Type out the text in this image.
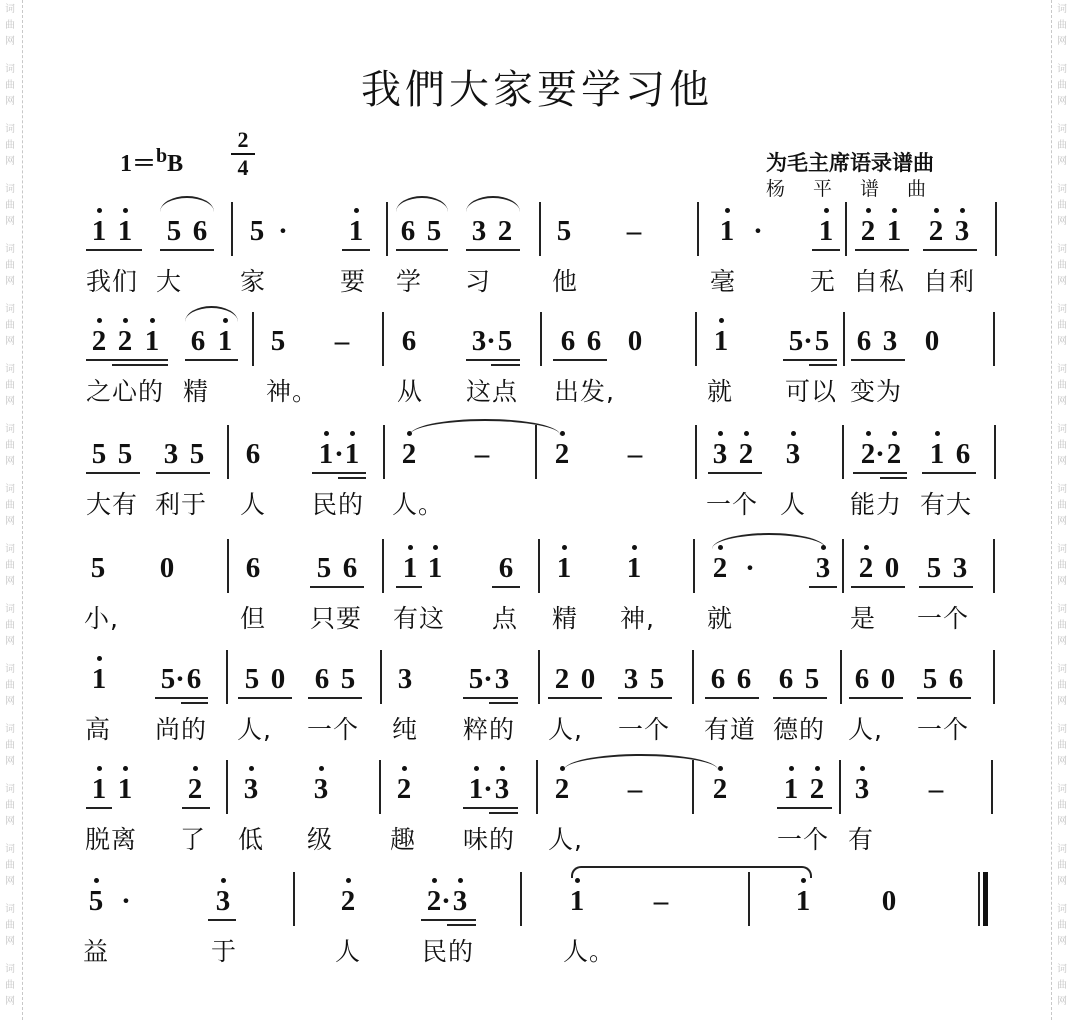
词
曲
网
词
曲
网
词
曲
网
词
曲
网
词
曲
网
词
曲
网
词
曲
网
词
曲
网
词
曲
网
词
曲
网
词
曲
网
词
曲
网
词
曲
网
词
曲
网
词
曲
网
词
曲
网
词
曲
网
词
曲
网
词
曲
网
词
曲
网
词
曲
网
词
曲
网
词
曲
网
词
曲
网
词
曲
网
词
曲
网
词
曲
网
词
曲
网
词
曲
网
词
曲
网
词
曲
网
词
曲
网
词
曲
网
词
曲
网
我們大家要学习他
1＝$^b$B
2
4	为毛主席语录谱曲
杨平谱曲
1 1 5 6 5 · 1 6 5 3 2 5 –	1 · 1 2 1 2 3
我们 大 家	要 学 习 他	毫	无 自私 自利
2 2 1 6 1 5 – 6 3 · 5 6 6 0 1 5 · 5 6 3 0
之心的 精 神。	从 这点 出发,	就 可以 变为
5 5 3 5 6 1 · 1 2 – 2 – 3 2 3 2 · 2 1 6
大有 利于 人 民的 人。	一个 人 能力 有大
5 0 6 5 6 1 1 6 1 1 2 · 3 2 0 5 3
小,	但 只要 有这 点 精 神, 就	是 一个
1 5 · 6 5 0 6 5 3 5 · 3 2 0 3 5 6 6 6 5 6 0 5 6
高 尚的 人, 一个 纯 粹的 人, 一个 有道 德的 人, 一个
1 1 2 3 3 2 1 · 3 2 – 2 1 2 3 –
脱离 了 低 级 趣 味的 人,	一个 有
5 ·	3	2 2 · 3	1 –	1 0
益	于	人 民的	人。
